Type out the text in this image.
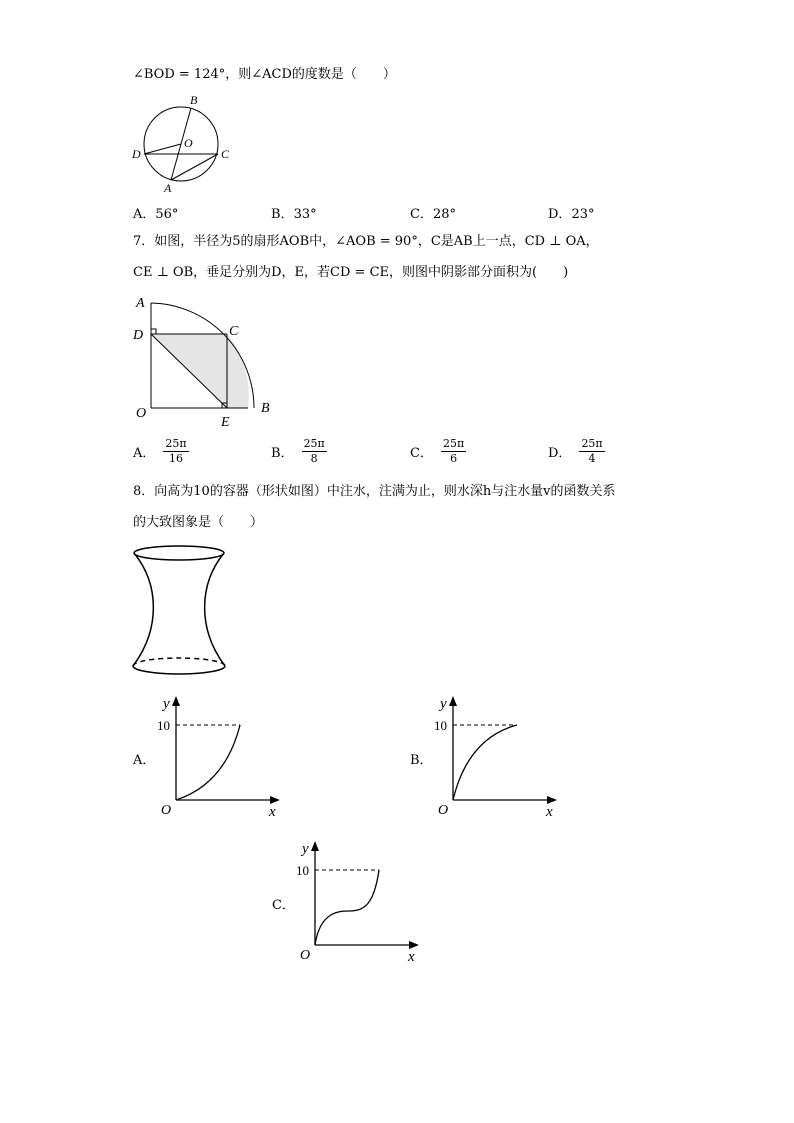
∠BOD = 124°，则∠ACD的度数是（　　）
B
O
D	C
A
A．56°	B．33°	C．28°	D．23°
7．如图，半径为5的扇形AOB中，∠AOB = 90°，C是AB上一点，CD ⊥ OA，
CE ⊥ OB，垂足分别为D，E，若CD = CE，则图中阴影部分面积为(　　)
A
D	C
O
E
B
A． $\frac{25\pi}{16}$	B． $\frac{25\pi}{8}$	C． $\frac{25\pi}{6}$	D． $\frac{25\pi}{4}$
8．向高为10的容器（形状如图）中注水，注满为止，则水深h与注水量v的函数关系
的大致图象是（　　）
A．
y
10
O	x
B．
y
10
O	x
C．
y
10
O	x
